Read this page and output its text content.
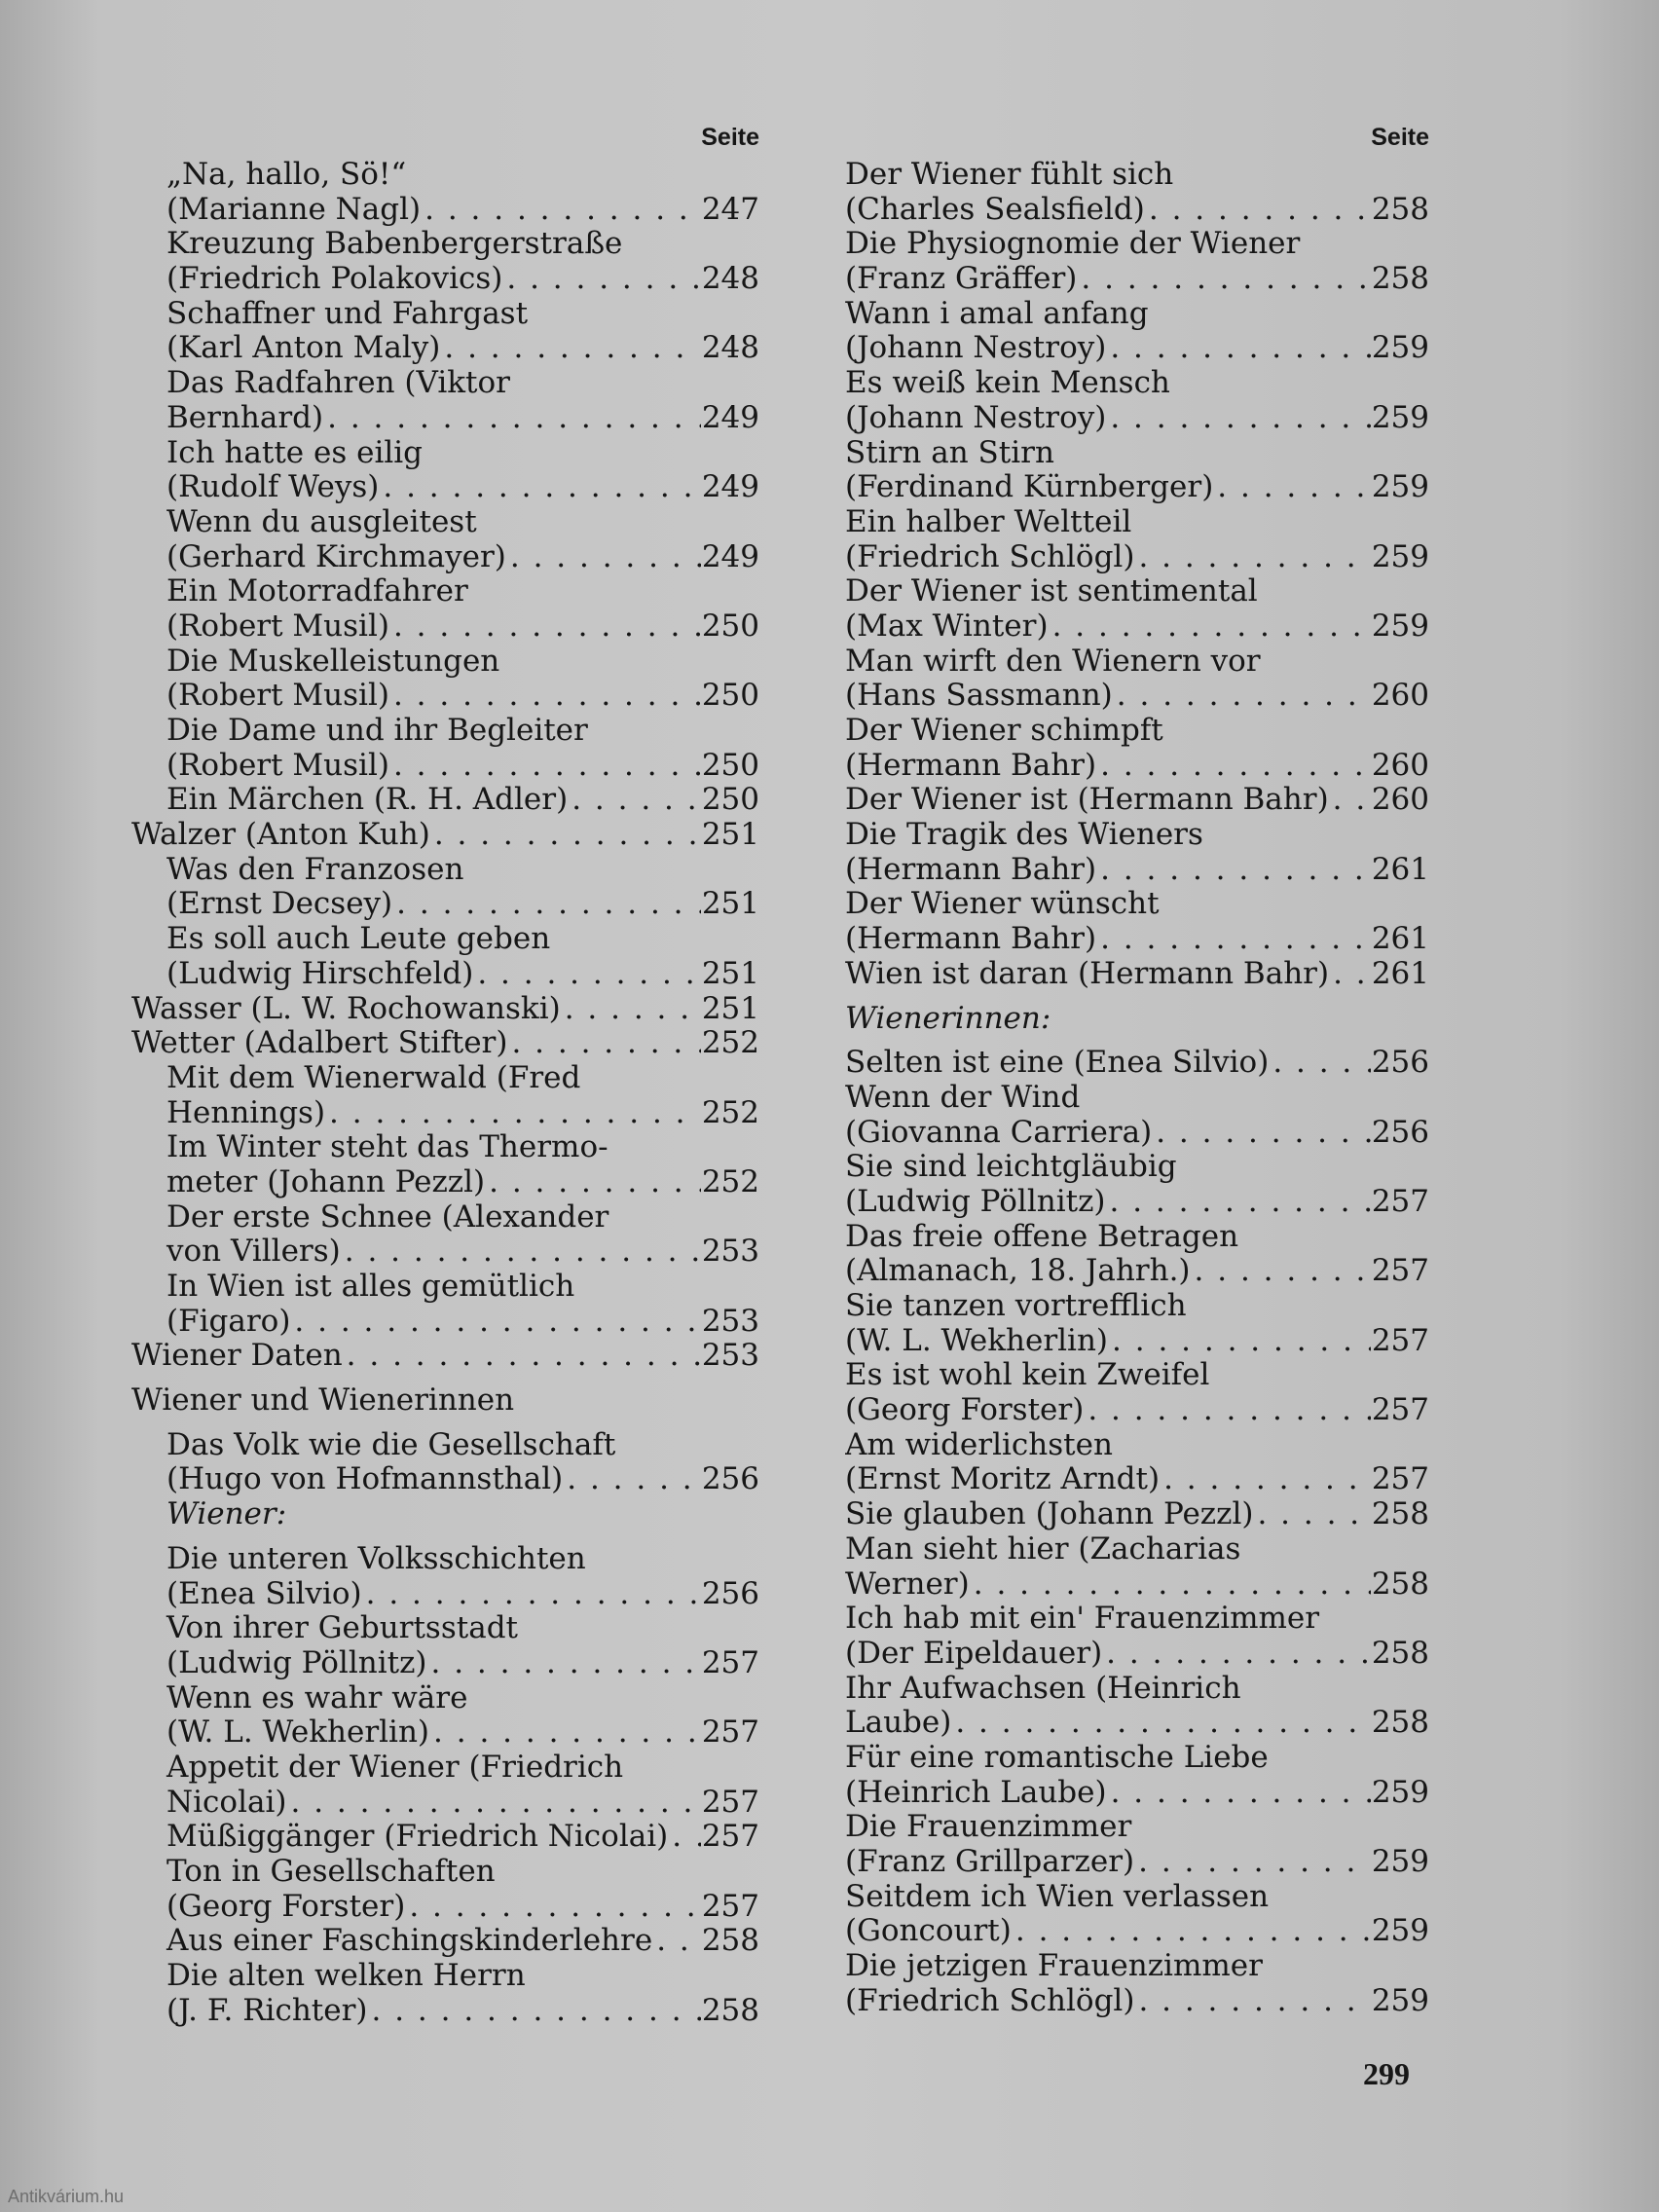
Seite
„Na, hallo, Sö!“
(Marianne Nagl) . . .	247
Kreuzung Babenbergerstraße
(Friedrich Polakovics) . . .	248
Schaffner und Fahrgast
(Karl Anton Maly) . . .	248
Das Radfahren (Viktor
Bernhard) . . .	249
Ich hatte es eilig
(Rudolf Weys) . . .	249
Wenn du ausgleitest
(Gerhard Kirchmayer) . . .	249
Ein Motorradfahrer
(Robert Musil) . . .	250
Die Muskelleistungen
(Robert Musil) . . .	250
Die Dame und ihr Begleiter
(Robert Musil) . . .	250
Ein Märchen (R. H. Adler) . . .	250
Walzer (Anton Kuh) . . .	251
Was den Franzosen
(Ernst Decsey) . . .	251
Es soll auch Leute geben
(Ludwig Hirschfeld) . . .	251
Wasser (L. W. Rochowanski) . . .	251
Wetter (Adalbert Stifter) . . .	252
Mit dem Wienerwald (Fred
Hennings) . . .	252
Im Winter steht das Thermo-
meter (Johann Pezzl) . . .	252
Der erste Schnee (Alexander
von Villers) . . .	253
In Wien ist alles gemütlich
(Figaro) . . .	253
Wiener Daten . . .	253
Wiener und Wienerinnen
Das Volk wie die Gesellschaft
(Hugo von Hofmannsthal) . . .	256
Wiener:
Die unteren Volksschichten
(Enea Silvio) . . .	256
Von ihrer Geburtsstadt
(Ludwig Pöllnitz) . . .	257
Wenn es wahr wäre
(W. L. Wekherlin) . . .	257
Appetit der Wiener (Friedrich
Nicolai) . . .	257
Müßiggänger (Friedrich Nicolai) . . . 257
Ton in Gesellschaften
(Georg Forster) . . .	257
Aus einer Faschingskinderlehre . . . 258
Die alten welken Herrn
(J. F. Richter) . . .	258
Seite
Der Wiener fühlt sich
(Charles Sealsfield) . . .	258
Die Physiognomie der Wiener
(Franz Gräffer) . . .	258
Wann i amal anfang
(Johann Nestroy) . . .	259
Es weiß kein Mensch
(Johann Nestroy) . . .	259
Stirn an Stirn
(Ferdinand Kürnberger) . . .	259
Ein halber Weltteil
(Friedrich Schlögl) . . .	259
Der Wiener ist sentimental
(Max Winter) . . .	259
Man wirft den Wienern vor
(Hans Sassmann) . . .	260
Der Wiener schimpft
(Hermann Bahr) . . .	260
Der Wiener ist (Hermann Bahr) . . . 260
Die Tragik des Wieners
(Hermann Bahr) . . .	261
Der Wiener wünscht
(Hermann Bahr) . . .	261
Wien ist daran (Hermann Bahr) . . . 261
Wienerinnen:
Selten ist eine (Enea Silvio) . . .	256
Wenn der Wind
(Giovanna Carriera) . . .	256
Sie sind leichtgläubig
(Ludwig Pöllnitz) . . .	257
Das freie offene Betragen
(Almanach, 18. Jahrh.) . . .	257
Sie tanzen vortrefflich
(W. L. Wekherlin) . . .	257
Es ist wohl kein Zweifel
(Georg Forster) . . .	257
Am widerlichsten
(Ernst Moritz Arndt) . . .	257
Sie glauben (Johann Pezzl) . . .	258
Man sieht hier (Zacharias
Werner) . . .	258
Ich hab mit ein' Frauenzimmer
(Der Eipeldauer) . . .	258
Ihr Aufwachsen (Heinrich
Laube) . . .	258
Für eine romantische Liebe
(Heinrich Laube) . . .	259
Die Frauenzimmer
(Franz Grillparzer) . . .	259
Seitdem ich Wien verlassen
(Goncourt) . . .	259
Die jetzigen Frauenzimmer
(Friedrich Schlögl) . . .	259
299
Antikvárium.hu
